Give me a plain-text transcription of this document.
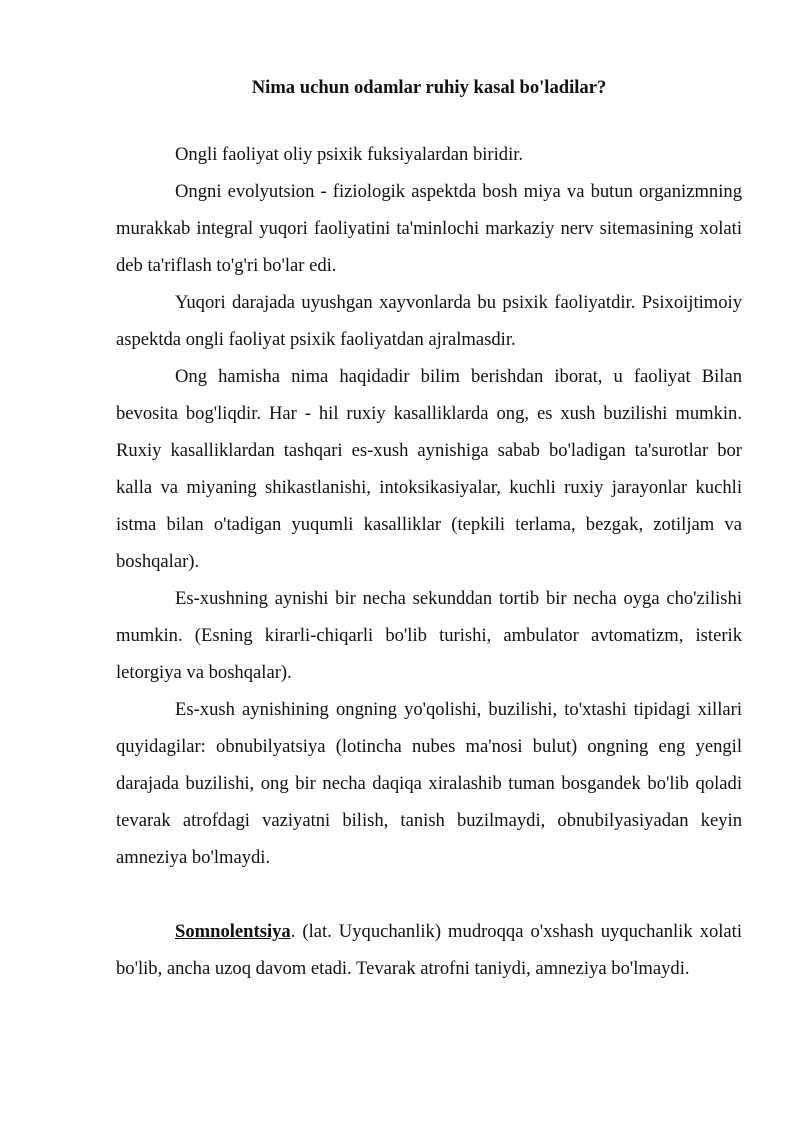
Nima uchun odamlar ruhiy kasal bo'ladilar?

Ongli faoliyat oliy psixik fuksiyalardan biridir.

Ongni evolyutsion - fiziologik aspektda bosh miya va butun organizmning murakkab integral yuqori faoliyatini ta'minlochi markaziy nerv sitemasining xolati deb ta'riflash to'g'ri bo'lar edi.

Yuqori darajada uyushgan xayvonlarda bu psixik faoliyatdir. Psixoijtimoiy aspektda ongli faoliyat psixik faoliyatdan ajralmasdir.

Ong hamisha nima haqidadir bilim berishdan iborat, u faoliyat Bilan bevosita bog'liqdir. Har - hil ruxiy kasalliklarda ong, es xush buzilishi mumkin. Ruxiy kasalliklardan tashqari es-xush aynishiga sabab bo'ladigan ta'surotlar bor kalla va miyaning shikastlanishi, intoksikasiyalar, kuchli ruxiy jarayonlar kuchli istma bilan o'tadigan yuqumli kasalliklar (tepkili terlama, bezgak, zotiljam va boshqalar).

Es-xushning aynishi bir necha sekunddan tortib bir necha oyga cho'zilishi mumkin. (Esning kirarli-chiqarli bo'lib turishi, ambulator avtomatizm, isterik letorgiya va boshqalar).

Es-xush aynishining ongning yo'qolishi, buzilishi, to'xtashi tipidagi xillari quyidagilar: obnubilyatsiya (lotincha nubes ma'nosi bulut) ongning eng yengil darajada buzilishi, ong bir necha daqiqa xiralashib tuman bosgandek bo'lib qoladi tevarak atrofdagi vaziyatni bilish, tanish buzilmaydi, obnubilyasiyadan keyin amneziya bo'lmaydi.

Somnolentsiya. (lat. Uyquchanlik) mudroqqa o'xshash uyquchanlik xolati bo'lib, ancha uzoq davom etadi. Tevarak atrofni taniydi, amneziya bo'lmaydi.
